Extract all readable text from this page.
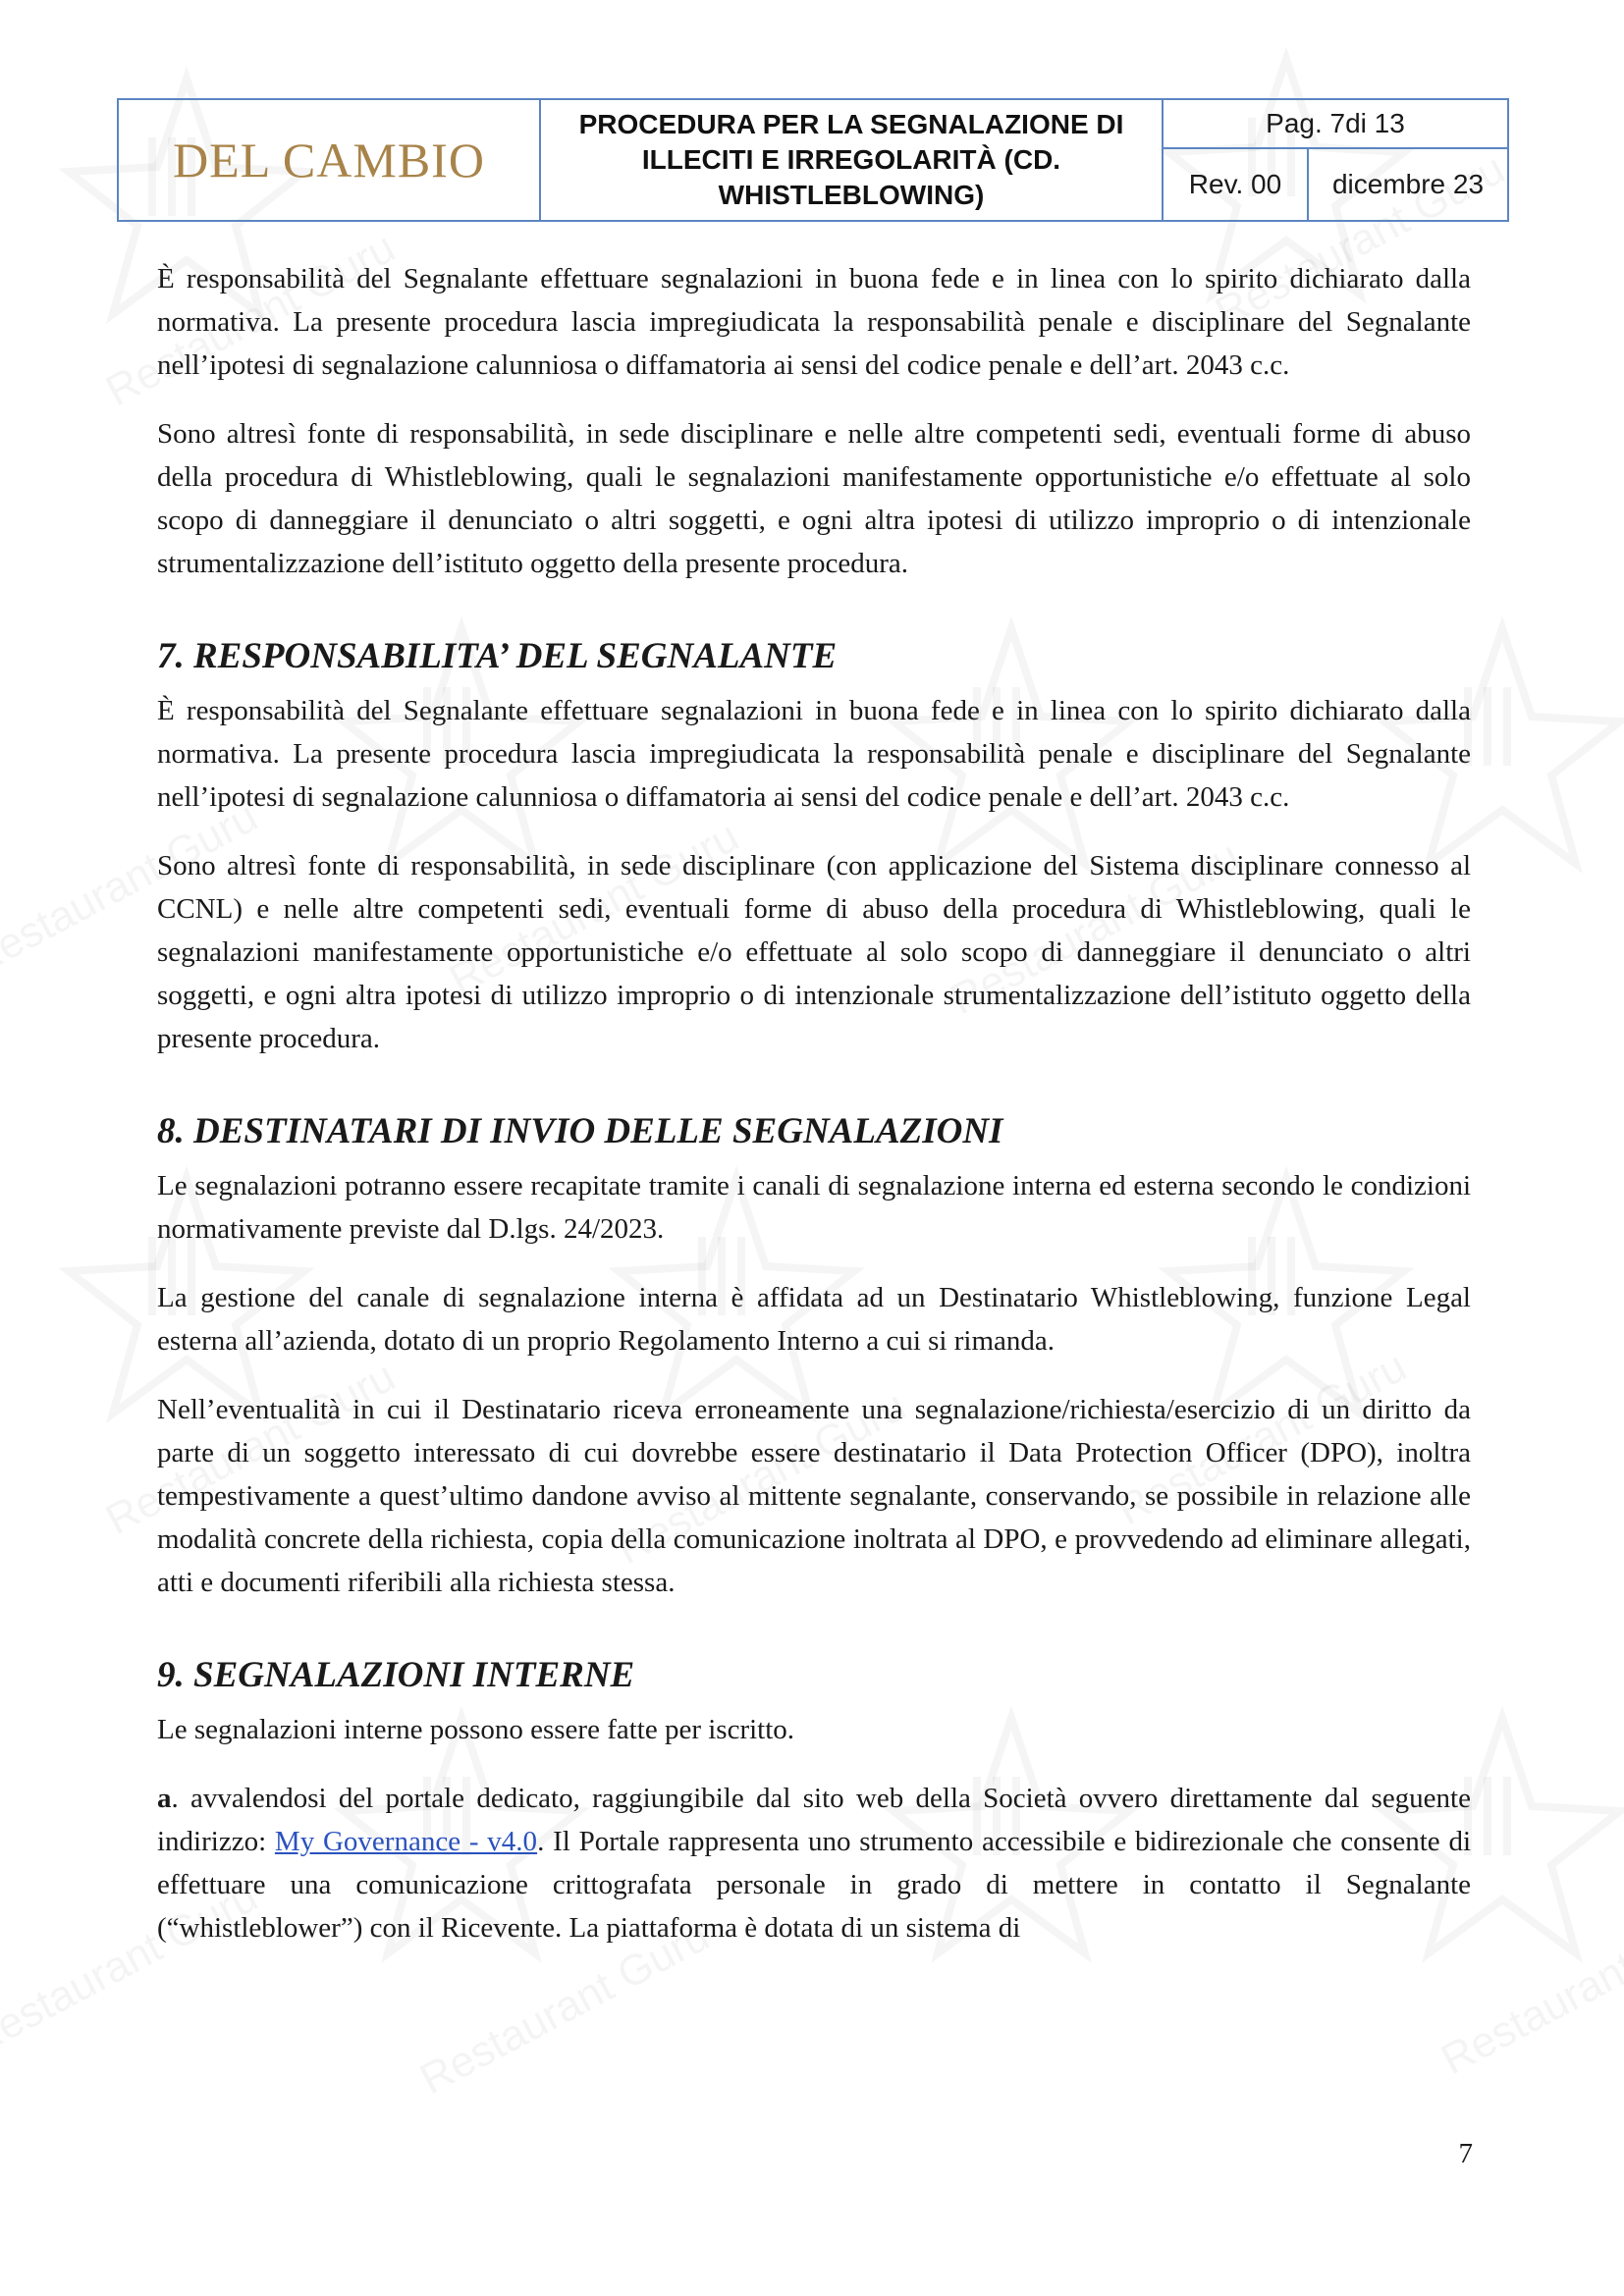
DEL CAMBIO
PROCEDURA PER LA SEGNALAZIONE DI
ILLECITI E IRREGOLARITÀ (CD.
WHISTLEBLOWING)
Pag. 7di 13
Rev. 00	dicembre 23

È responsabilità del Segnalante effettuare segnalazioni in buona fede e in linea con lo spirito dichiarato dalla normativa. La presente procedura lascia impregiudicata la responsabilità penale e disciplinare del Segnalante nell’ipotesi di segnalazione calunniosa o diffamatoria ai sensi del codice penale e dell’art. 2043 c.c.

Sono altresì fonte di responsabilità, in sede disciplinare e nelle altre competenti sedi, eventuali forme di abuso della procedura di Whistleblowing, quali le segnalazioni manifestamente opportunistiche e/o effettuate al solo scopo di danneggiare il denunciato o altri soggetti, e ogni altra ipotesi di utilizzo improprio o di intenzionale strumentalizzazione dell’istituto oggetto della presente procedura.

7. RESPONSABILITA’ DEL SEGNALANTE

È responsabilità del Segnalante effettuare segnalazioni in buona fede e in linea con lo spirito dichiarato dalla normativa. La presente procedura lascia impregiudicata la responsabilità penale e disciplinare del Segnalante nell’ipotesi di segnalazione calunniosa o diffamatoria ai sensi del codice penale e dell’art. 2043 c.c.

Sono altresì fonte di responsabilità, in sede disciplinare (con applicazione del Sistema disciplinare connesso al CCNL) e nelle altre competenti sedi, eventuali forme di abuso della procedura di Whistleblowing, quali le segnalazioni manifestamente opportunistiche e/o effettuate al solo scopo di danneggiare il denunciato o altri soggetti, e ogni altra ipotesi di utilizzo improprio o di intenzionale strumentalizzazione dell’istituto oggetto della presente procedura.

8. DESTINATARI DI INVIO DELLE SEGNALAZIONI

Le segnalazioni potranno essere recapitate tramite i canali di segnalazione interna ed esterna secondo le condizioni normativamente previste dal D.lgs. 24/2023.

La gestione del canale di segnalazione interna è affidata ad un Destinatario Whistleblowing, funzione Legal esterna all’azienda, dotato di un proprio Regolamento Interno a cui si rimanda.

Nell’eventualità in cui il Destinatario riceva erroneamente una segnalazione/richiesta/esercizio di un diritto da parte di un soggetto interessato di cui dovrebbe essere destinatario il Data Protection Officer (DPO), inoltra tempestivamente a quest’ultimo dandone avviso al mittente segnalante, conservando, se possibile in relazione alle modalità concrete della richiesta, copia della comunicazione inoltrata al DPO, e provvedendo ad eliminare allegati, atti e documenti riferibili alla richiesta stessa.

9. SEGNALAZIONI INTERNE

Le segnalazioni interne possono essere fatte per iscritto.

a. avvalendosi del portale dedicato, raggiungibile dal sito web della Società ovvero direttamente dal seguente indirizzo: My Governance - v4.0. Il Portale rappresenta uno strumento accessibile e bidirezionale che consente di effettuare una comunicazione crittografata personale in grado di mettere in contatto il Segnalante (“whistleblower”) con il Ricevente. La piattaforma è dotata di un sistema di

7
